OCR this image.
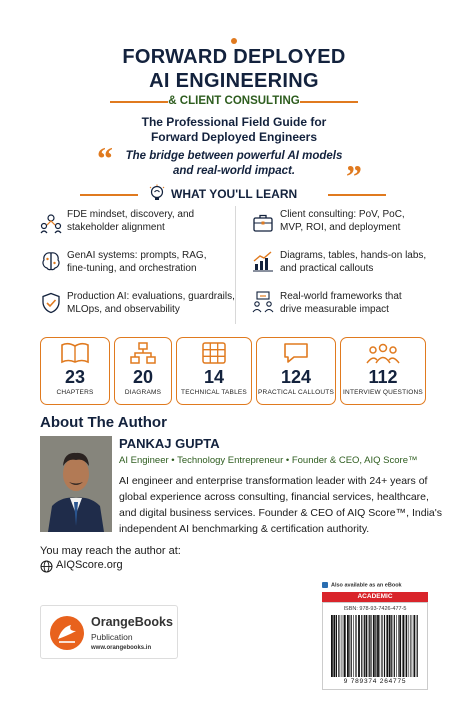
FORWARD DEPLOYED
AI ENGINEERING
& CLIENT CONSULTING
The Professional Field Guide for
Forward Deployed Engineers
“	”
The bridge between powerful AI models
and real-world impact.
WHAT YOU'LL LEARN
FDE mindset, discovery, and
stakeholder alignment
Client consulting: PoV, PoC,
MVP, ROI, and deployment
GenAI systems: prompts, RAG,
fine-tuning, and orchestration
Diagrams, tables, hands-on labs,
and practical callouts
Production AI: evaluations, guardrails,
MLOps, and observability
Real-world frameworks that
drive measurable impact
23
CHAPTERS
20
DIAGRAMS
14
TECHNICAL TABLES
124
PRACTICAL CALLOUTS
112
INTERVIEW QUESTIONS
About The Author
PANKAJ GUPTA
AI Engineer • Technology Entrepreneur • Founder & CEO, AIQ Score™
AI engineer and enterprise transformation leader with 24+ years of
global experience across consulting, financial services, healthcare,
and digital business services. Founder & CEO of AIQ Score™, India's
independent AI benchmarking & certification authority.
You may reach the author at:
AIQScore.org
OrangeBooks
Publication
www.orangebooks.in
Also available as an eBook
ACADEMIC
ISBN: 978-93-7426-477-5
9 789374 264775
